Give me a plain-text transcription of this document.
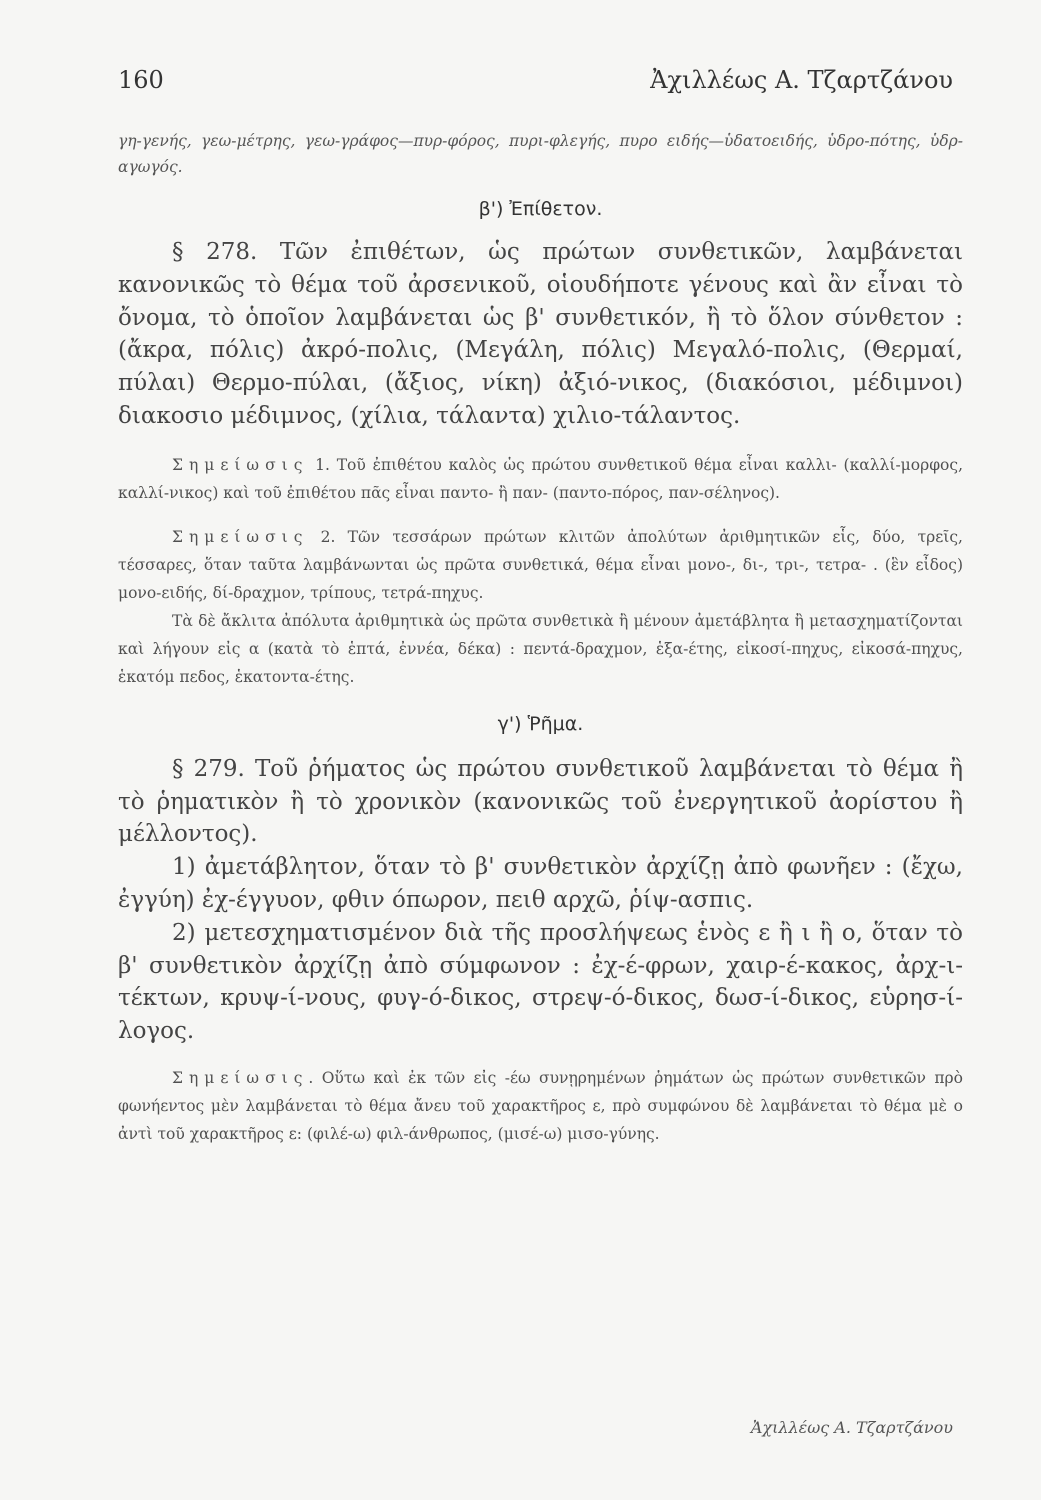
160	Ἀχιλλέως Α. Τζαρτζάνου

γη-γενής, γεω-μέτρης, γεω-γράφος—πυρ-φόρος, πυρι-φλεγής, πυρο ειδής—ὑδατοειδής, ὑδρο-πότης, ὑδρ-αγωγός.

β') Ἐπίθετον.

§ 278. Τῶν ἐπιθέτων, ὡς πρώτων συνθετικῶν, λαμβάνεται κανονικῶς τὸ θέμα τοῦ ἀρσενικοῦ, οἱουδήποτε γένους καὶ ἂν εἶναι τὸ ὄνομα, τὸ ὁποῖον λαμβάνεται ὡς β' συνθετικόν, ἢ τὸ ὅλον σύνθετον : (ἄκρα, πόλις) ἀκρό-πολις, (Μεγάλη, πόλις) Μεγαλό-πολις, (Θερμαί, πύλαι) Θερμο-πύλαι, (ἄξιος, νίκη) ἀξιό-νικος, (διακόσιοι, μέδιμνοι) διακοσιο μέδιμνος, (χίλια, τάλαντα) χιλιο-τάλαντος.

Σημείωσις 1. Τοῦ ἐπιθέτου καλὸς ὡς πρώτου συνθετικοῦ θέμα εἶναι καλλι- (καλλί-μορφος, καλλί-νικος) καὶ τοῦ ἐπιθέτου πᾶς εἶναι παντο- ἢ παν- (παντο-πόρος, παν-σέληνος).

Σημείωσις 2. Τῶν τεσσάρων πρώτων κλιτῶν ἀπολύτων ἀριθμητικῶν εἷς, δύο, τρεῖς, τέσσαρες, ὅταν ταῦτα λαμβάνωνται ὡς πρῶτα συνθετικά, θέμα εἶναι μονο-, δι-, τρι-, τετρα- . (ἓν εἶδος) μονο-ειδής, δί-δραχμον, τρίπους, τετρά-πηχυς.

Τὰ δὲ ἄκλιτα ἀπόλυτα ἀριθμητικὰ ὡς πρῶτα συνθετικὰ ἢ μένουν ἀμετάβλητα ἢ μετασχηματίζονται καὶ λήγουν εἰς α (κατὰ τὸ ἑπτά, ἐννέα, δέκα) : πεντά-δραχμον, ἑξα-έτης, εἰκοσί-πηχυς, εἰκοσά-πηχυς, ἑκατόμ πεδος, ἑκατοντα-έτης.

γ') Ῥῆμα.

§ 279. Τοῦ ῥήματος ὡς πρώτου συνθετικοῦ λαμβάνεται τὸ θέμα ἢ τὸ ῥηματικὸν ἢ τὸ χρονικὸν (κανονικῶς τοῦ ἐνεργητικοῦ ἀορίστου ἢ μέλλοντος).

1) ἀμετάβλητον, ὅταν τὸ β' συνθετικὸν ἀρχίζῃ ἀπὸ φωνῆεν : (ἔχω, ἐγγύη) ἐχ-έγγυον, φθιν όπωρον, πειθ αρχῶ, ῥίψ-ασπις.

2) μετεσχηματισμένον διὰ τῆς προσλήψεως ἑνὸς ε ἢ ι ἢ ο, ὅταν τὸ β' συνθετικὸν ἀρχίζῃ ἀπὸ σύμφωνον : ἐχ-έ-φρων, χαιρ-έ-κακος, ἀρχ-ι-τέκτων, κρυψ-ί-νους, φυγ-ό-δικος, στρεψ-ό-δικος, δωσ-ί-δικος, εὑρησ-ί-λογος.

Σημείωσις. Οὕτω καὶ ἐκ τῶν εἰς -έω συνῃρημένων ῥημάτων ὡς πρώτων συνθετικῶν πρὸ φωνήεντος μὲν λαμβάνεται τὸ θέμα ἄνευ τοῦ χαρακτῆρος ε, πρὸ συμφώνου δὲ λαμβάνεται τὸ θέμα μὲ ο ἀντὶ τοῦ χαρακτῆρος ε: (φιλέ-ω) φιλ-άνθρωπος, (μισέ-ω) μισο-γύνης.

Ἀχιλλέως Α. Τζαρτζάνου
